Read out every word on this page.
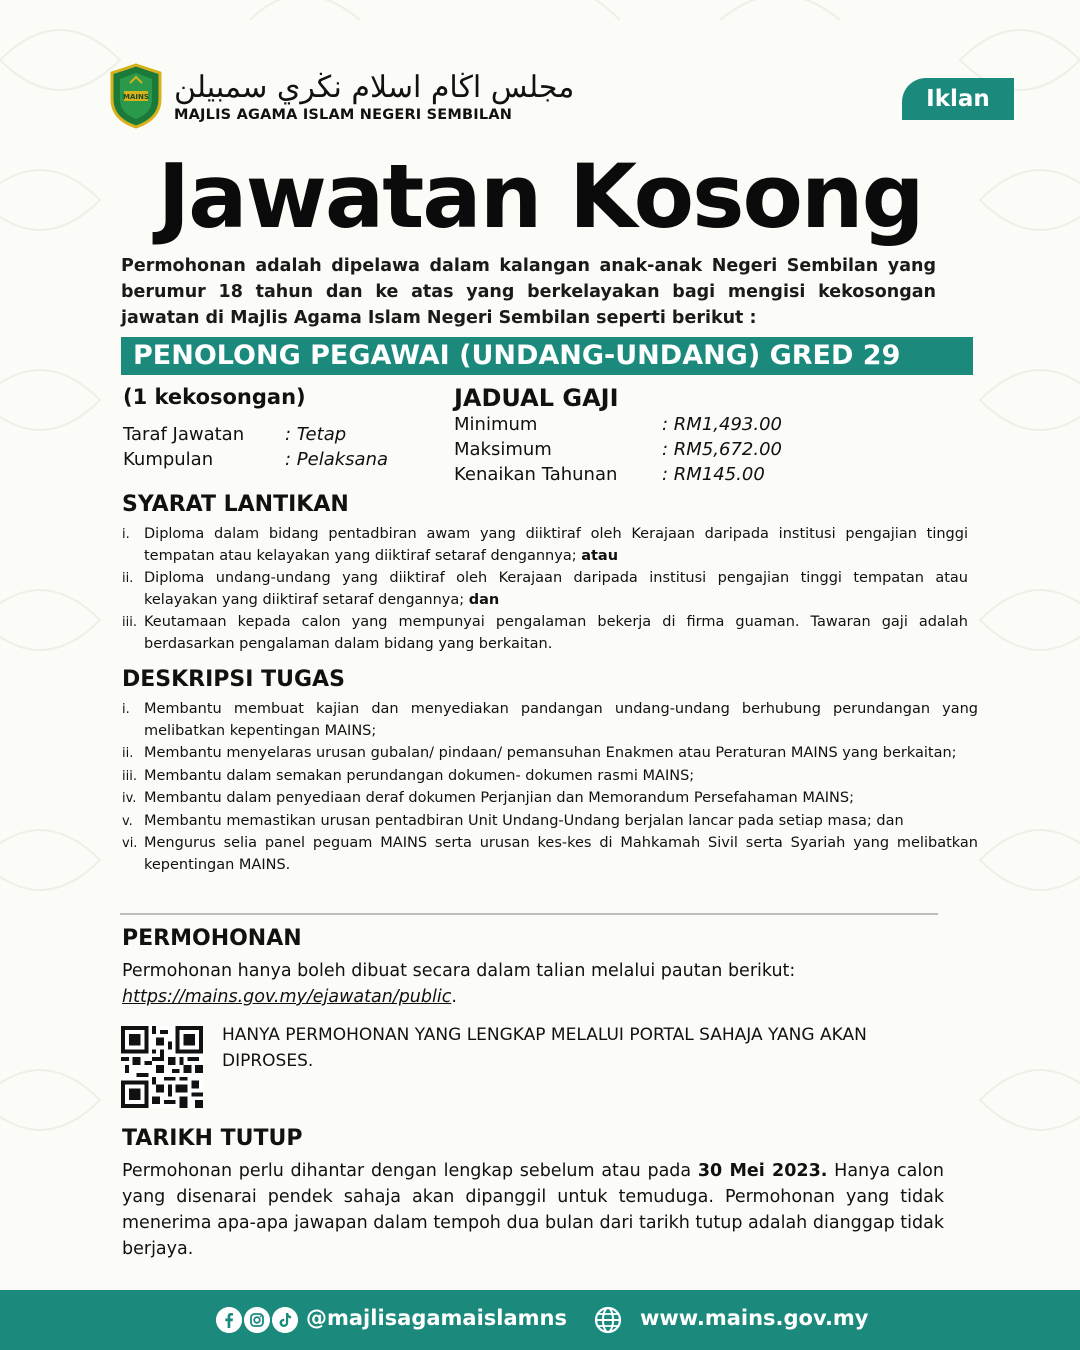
MAINS مجلس اڬام اسلام نڬري سمبيلن
MAJLIS AGAMA ISLAM NEGERI SEMBILAN
Iklan
Jawatan Kosong

Permohonan adalah dipelawa dalam kalangan anak-anak Negeri Sembilan yang berumur 18 tahun dan ke atas yang berkelayakan bagi mengisi kekosongan jawatan di Majlis Agama Islam Negeri Sembilan seperti berikut :

PENOLONG PEGAWAI (UNDANG-UNDANG) GRED 29
(1 kekosongan)
Taraf Jawatan : Tetap
Kumpulan	: Pelaksana
JADUAL GAJI
Minimum	: RM1,493.00
Maksimum	: RM5,672.00
Kenaikan Tahunan : RM145.00
SYARAT LANTIKAN
i. Diploma dalam bidang pentadbiran awam yang diiktiraf oleh Kerajaan daripada institusi pengajian tinggi tempatan atau kelayakan yang diiktiraf setaraf dengannya; atau
ii. Diploma undang-undang yang diiktiraf oleh Kerajaan daripada institusi pengajian tinggi tempatan atau kelayakan yang diiktiraf setaraf dengannya; dan
iii. Keutamaan kepada calon yang mempunyai pengalaman bekerja di firma guaman. Tawaran gaji adalah berdasarkan pengalaman dalam bidang yang berkaitan.
DESKRIPSI TUGAS
i. Membantu membuat kajian dan menyediakan pandangan undang-undang berhubung perundangan yang melibatkan kepentingan MAINS;
ii. Membantu menyelaras urusan gubalan/ pindaan/ pemansuhan Enakmen atau Peraturan MAINS yang berkaitan;
iii. Membantu dalam semakan perundangan dokumen- dokumen rasmi MAINS;
iv. Membantu dalam penyediaan deraf dokumen Perjanjian dan Memorandum Persefahaman MAINS;
v. Membantu memastikan urusan pentadbiran Unit Undang-Undang berjalan lancar pada setiap masa; dan
vi. Mengurus selia panel peguam MAINS serta urusan kes-kes di Mahkamah Sivil serta Syariah yang melibatkan kepentingan MAINS.
PERMOHONAN
Permohonan hanya boleh dibuat secara dalam talian melalui pautan berikut:
https://mains.gov.my/ejawatan/public.
HANYA PERMOHONAN YANG LENGKAP MELALUI PORTAL SAHAJA YANG AKAN DIPROSES.
TARIKH TUTUP

Permohonan perlu dihantar dengan lengkap sebelum atau pada 30 Mei 2023. Hanya calon yang disenarai pendek sahaja akan dipanggil untuk temuduga. Permohonan yang tidak menerima apa-apa jawapan dalam tempoh dua bulan dari tarikh tutup adalah dianggap tidak berjaya.

@majlisagamaislamns	www.mains.gov.my
